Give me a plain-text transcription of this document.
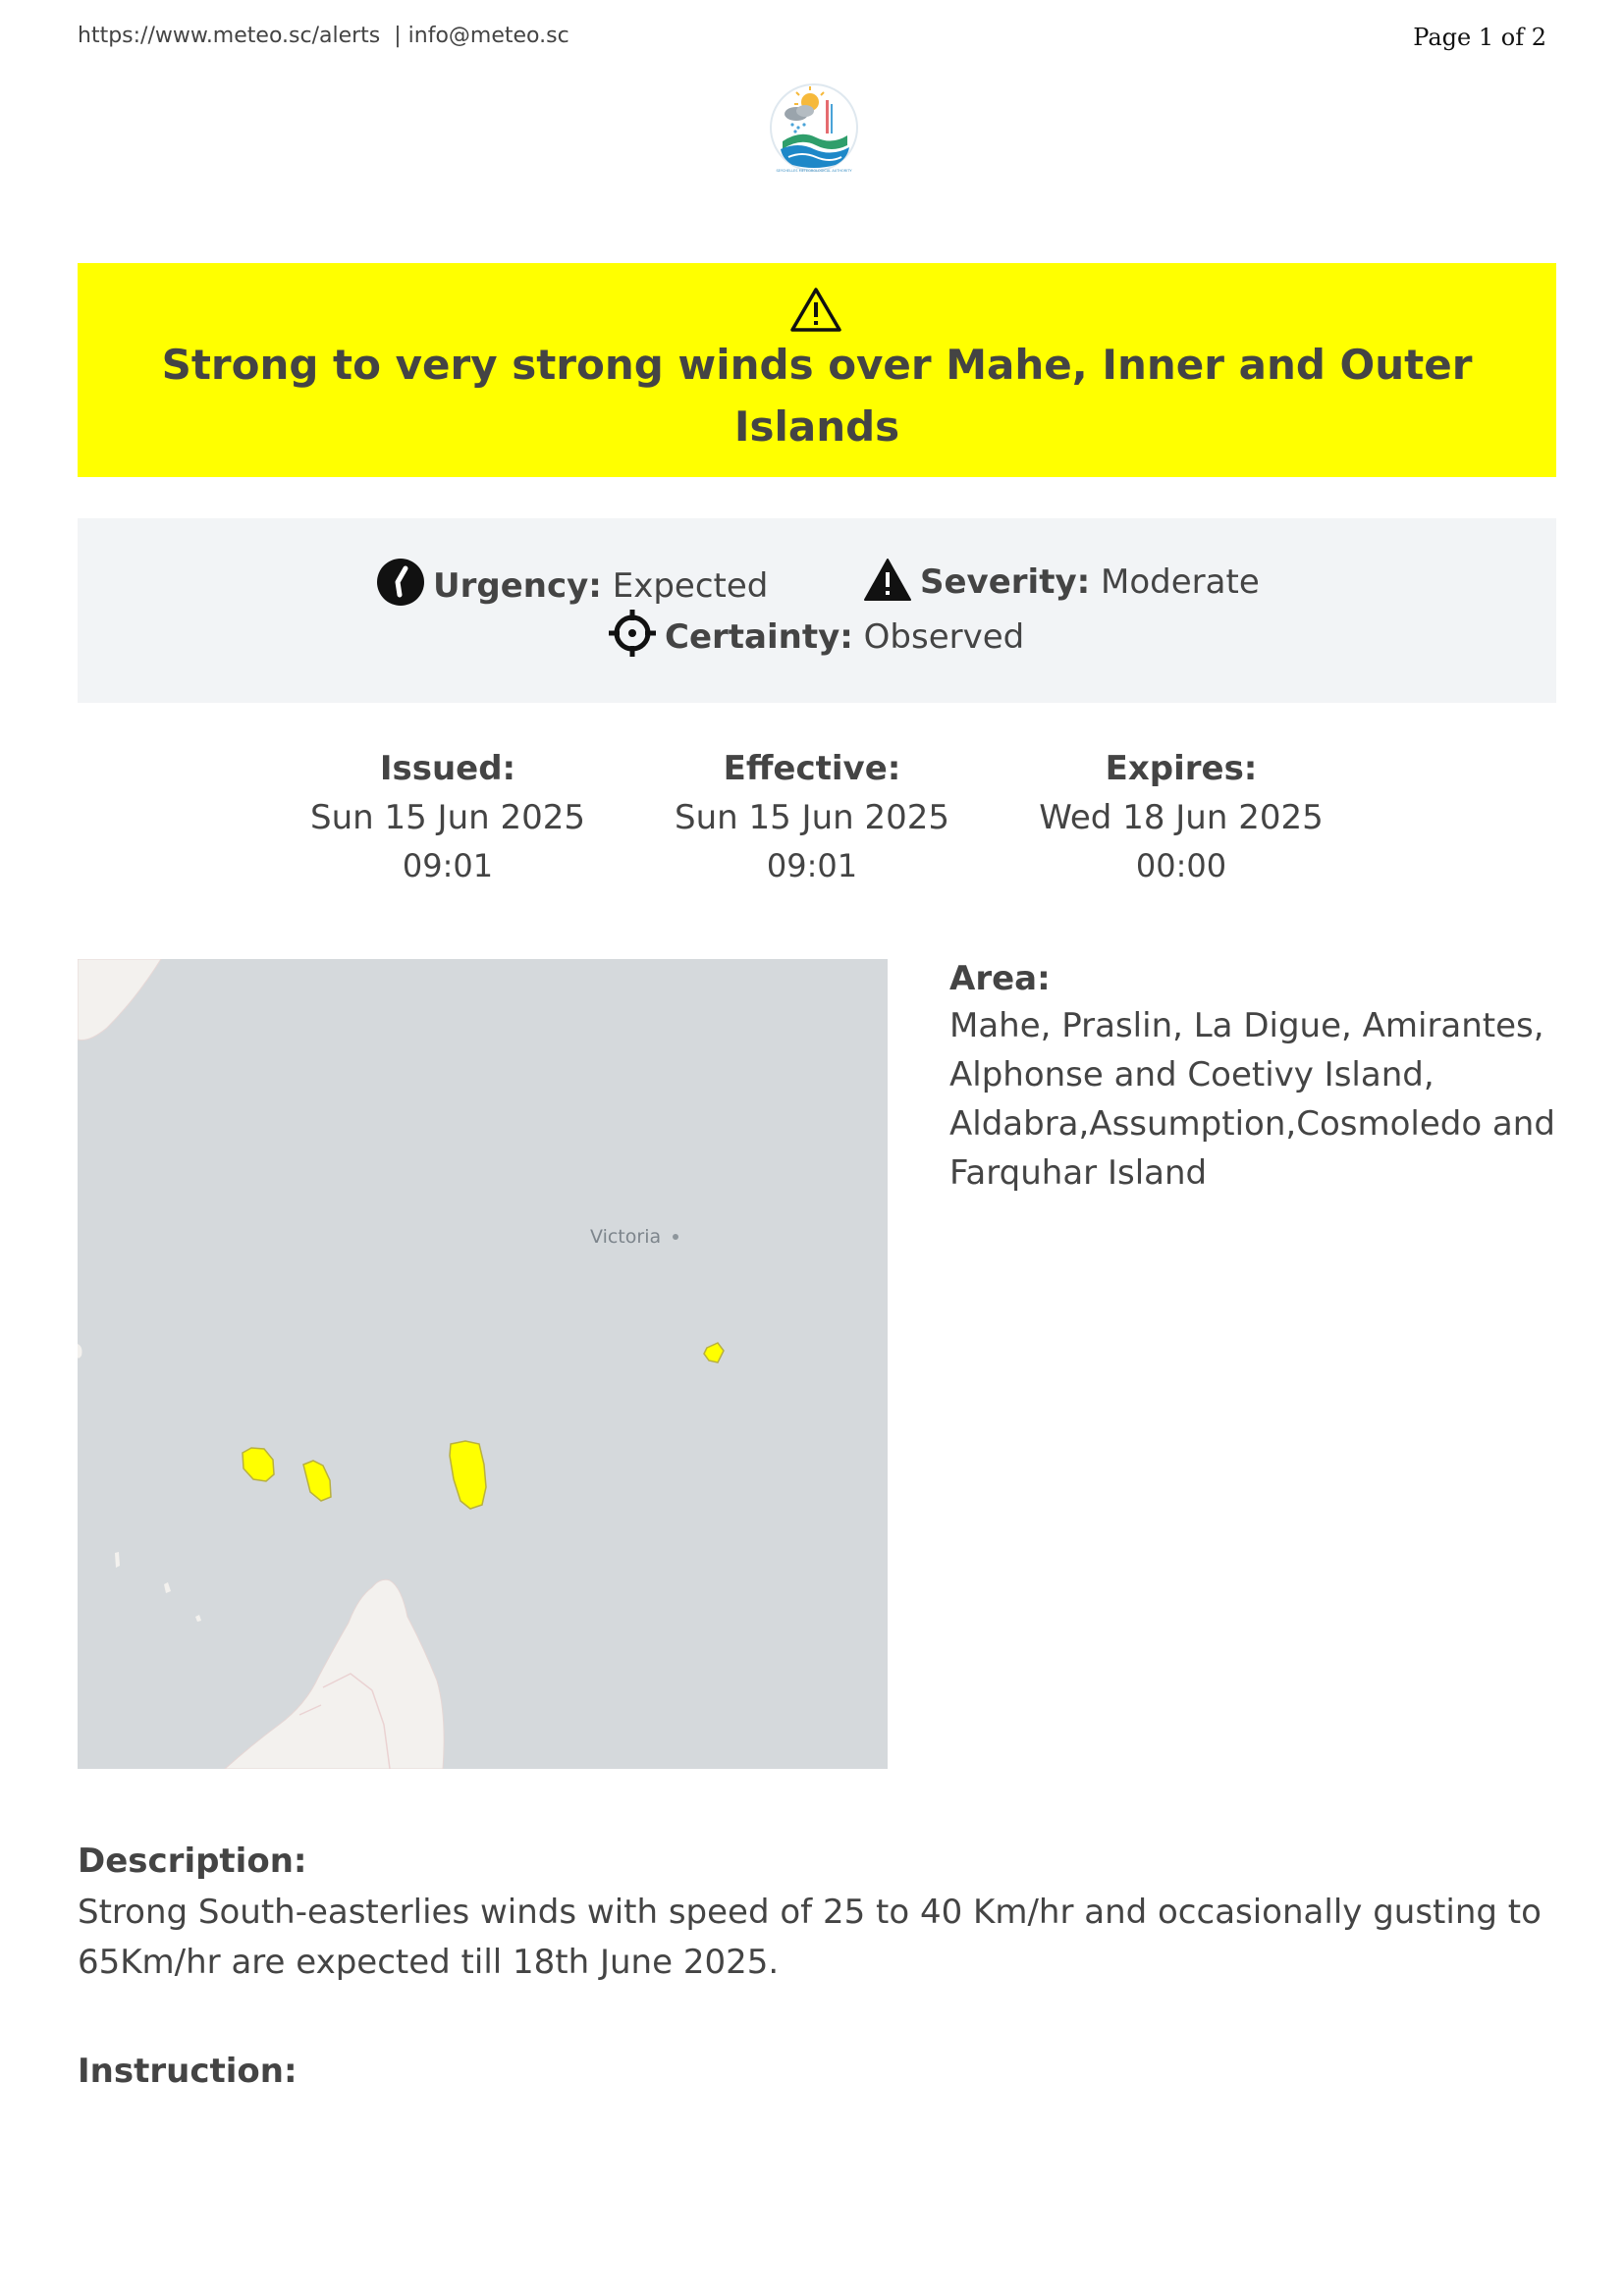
https://www.meteo.sc/alerts  | info@meteo.sc	Page 1 of 2
SEYCHELLES METEOROLOGICAL AUTHORITY
Strong to very strong winds over Mahe, Inner and Outer Islands
Urgency: Expected	Severity: Moderate
Certainty: Observed
Issued:
Sun 15 Jun 2025
09:01
Effective:
Sun 15 Jun 2025
09:01
Expires:
Wed 18 Jun 2025
00:00
Victoria
Area:
Mahe, Praslin, La Digue, Amirantes, Alphonse and Coetivy Island, Aldabra,Assumption,Cosmoledo and Farquhar Island
Description:
Strong South-easterlies winds with speed of 25 to 40 Km/hr and occasionally gusting to 65Km/hr are expected till 18th June 2025.
Instruction:
